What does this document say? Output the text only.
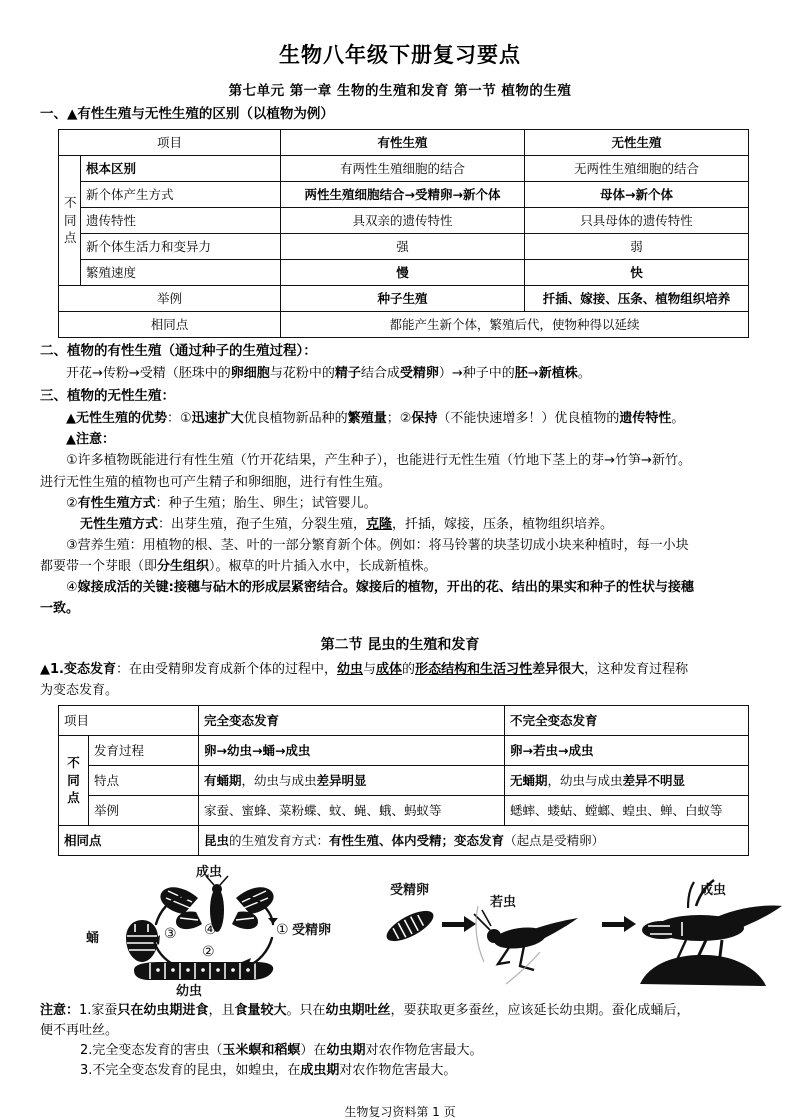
生物八年级下册复习要点
第七单元 第一章 生物的生殖和发育 第一节 植物的生殖
一、▲有性生殖与无性生殖的区别（以植物为例）
项目		有性生殖	无性生殖

不
同
点	根本区别	有两性生殖细胞的结合	无两性生殖细胞的结合
	新个体产生方式	两性生殖细胞结合→受精卵→新个体	母体→新个体
	遗传特性	具双亲的遗传特性	只具母体的遗传特性
	新个体生活力和变异力	强	弱
	繁殖速度	慢	快
举例		种子生殖	扦插、嫁接、压条、植物组织培养
相同点		都能产生新个体，繁殖后代，使物种得以延续	
二、植物的有性生殖（通过种子的生殖过程）：
开花→传粉→受精（胚珠中的卵细胞与花粉中的精子结合成受精卵）→种子中的胚→新植株。
三、植物的无性生殖：
▲无性生殖的优势：①迅速扩大优良植物新品种的繁殖量；②保持（不能快速增多！）优良植物的遗传特性。
▲注意：
①许多植物既能进行有性生殖（竹开花结果，产生种子），也能进行无性生殖（竹地下茎上的芽→竹笋→新竹。
进行无性生殖的植物也可产生精子和卵细胞，进行有性生殖。
②有性生殖方式：种子生殖；胎生、卵生；试管婴儿。
无性生殖方式：出芽生殖，孢子生殖，分裂生殖，克隆，扦插，嫁接，压条，植物组织培养。
③营养生殖：用植物的根、茎、叶的一部分繁育新个体。例如：将马铃薯的块茎切成小块来种植时，每一小块
都要带一个芽眼（即分生组织）。椒草的叶片插入水中，长成新植株。
④嫁接成活的关键:接穗与砧木的形成层紧密结合。嫁接后的植物，开出的花、结出的果实和种子的性状与接穗
一致。
第二节 昆虫的生殖和发育
▲1.变态发育：在由受精卵发育成新个体的过程中，幼虫与成体的形态结构和生活习性差异很大，这种发育过程称
为变态发育。
项目		完全变态发育	不完全变态发育

不
同
点	发育过程	卵→幼虫→蛹→成虫	卵→若虫→成虫
	特点	有蛹期，幼虫与成虫差异明显	无蛹期，幼虫与成虫差异不明显
	举例	家蚕、蜜蜂、菜粉蝶、蚊、蝇、蛾、蚂蚁等	蟋蟀、蝼蛄、螳螂、蝗虫、蝉、白蚁等
相同点		昆虫的生殖发育方式：有性生殖、体内受精；变态发育（起点是受精卵）	
①
②
③ ④
成虫
蛹
幼虫
受精卵
受精卵
若虫
成虫
注意：1.家蚕只在幼虫期进食，且食量较大。只在幼虫期吐丝，要获取更多蚕丝，应该延长幼虫期。蚕化成蛹后，
便不再吐丝。
2.完全变态发育的害虫（玉米螟和稻螟）在幼虫期对农作物危害最大。
3.不完全变态发育的昆虫，如蝗虫，在成虫期对农作物危害最大。
生物复习资料第 1 页
